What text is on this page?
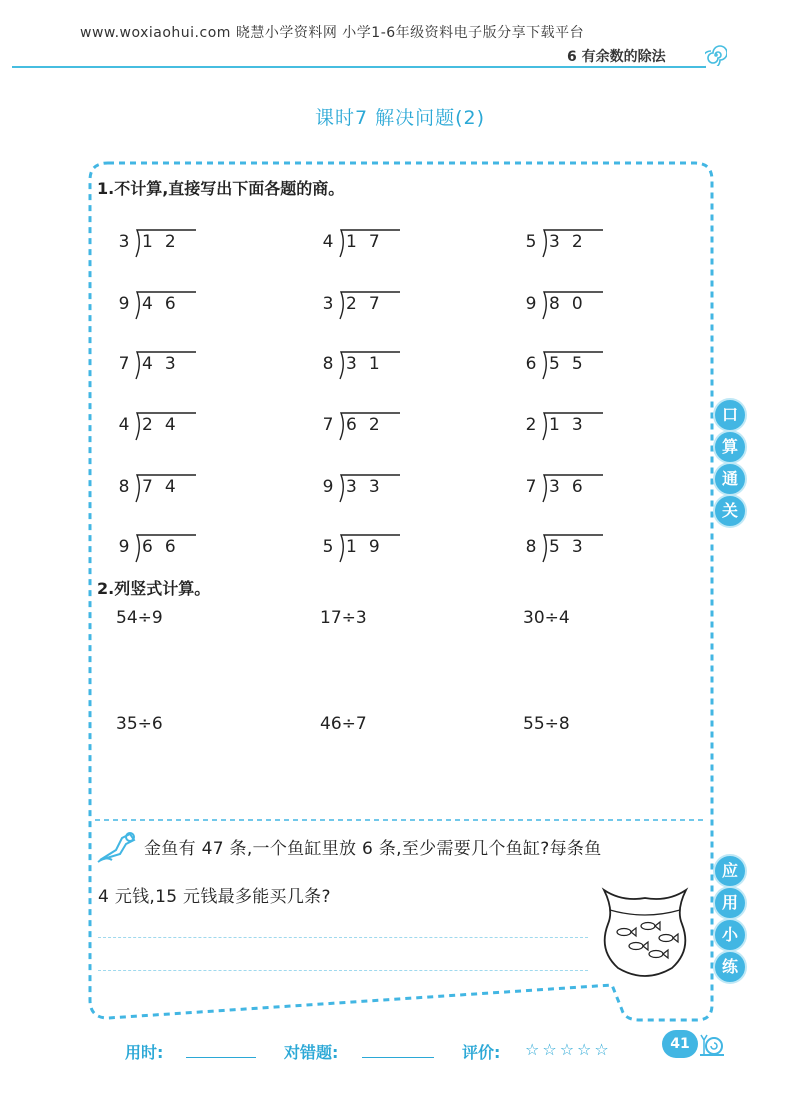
www.woxiaohui.com 晓慧小学资料网 小学1-6年级资料电子版分享下载平台
6 有余数的除法
课时7 解决问题(2)
1.不计算,直接写出下面各题的商。
3 12	4 17	5 32
9 46	3 27	9 80
7 43	8 31	6 55
4 24	7 62	2 13
8 74	9 33	7 36
9 66	5 19	8 53
2.列竖式计算。
54÷9	17÷3	30÷4
35÷6	46÷7	55÷8
金鱼有 47 条,一个鱼缸里放 6 条,至少需要几个鱼缸?每条鱼
4 元钱,15 元钱最多能买几条?
口
算
通
关
应
用
小
练
用时:	对错题:	评价: ☆☆☆☆☆	41
